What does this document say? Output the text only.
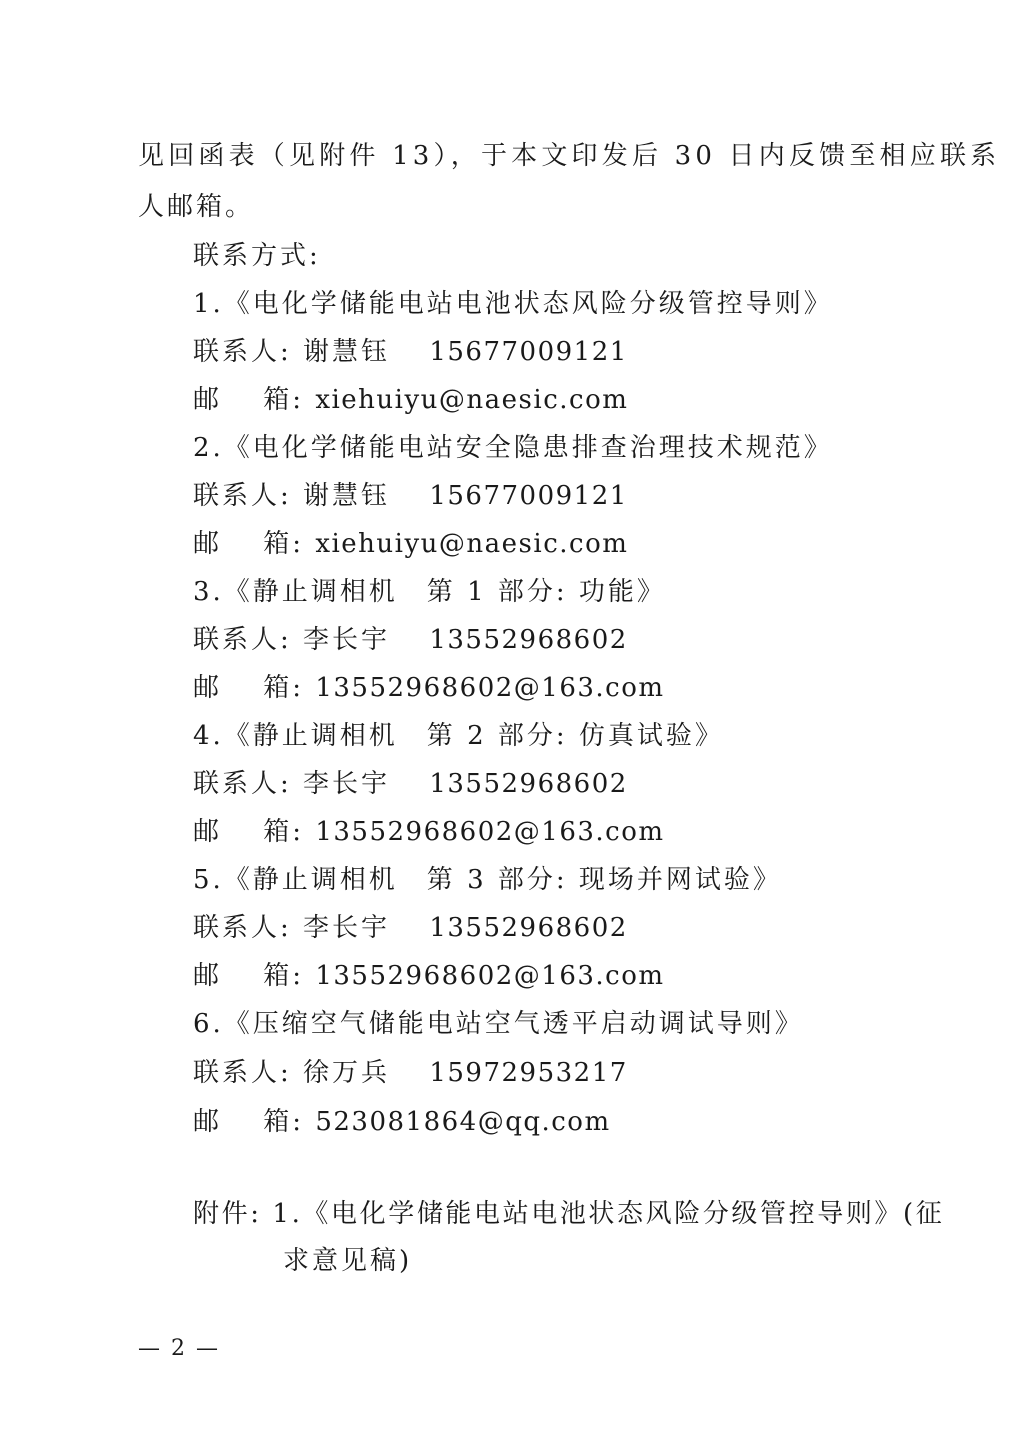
见回函表（见附件 13），于本文印发后 30 日内反馈至相应联系
人邮箱。
联系方式:
1.《电化学储能电站电池状态风险分级管控导则》
联系人: 谢慧钰 15677009121
邮 箱: xiehuiyu@naesic.com
2.《电化学储能电站安全隐患排查治理技术规范》
联系人: 谢慧钰 15677009121
邮 箱: xiehuiyu@naesic.com
3.《静止调相机　第 1 部分: 功能》
联系人: 李长宇 13552968602
邮 箱: 13552968602@163.com
4.《静止调相机　第 2 部分: 仿真试验》
联系人: 李长宇 13552968602
邮 箱: 13552968602@163.com
5.《静止调相机　第 3 部分: 现场并网试验》
联系人: 李长宇 13552968602
邮 箱: 13552968602@163.com
6.《压缩空气储能电站空气透平启动调试导则》
联系人: 徐万兵 15972953217
邮 箱: 523081864@qq.com
附件: 1.《电化学储能电站电池状态风险分级管控导则》(征
求意见稿)
— 2 —
